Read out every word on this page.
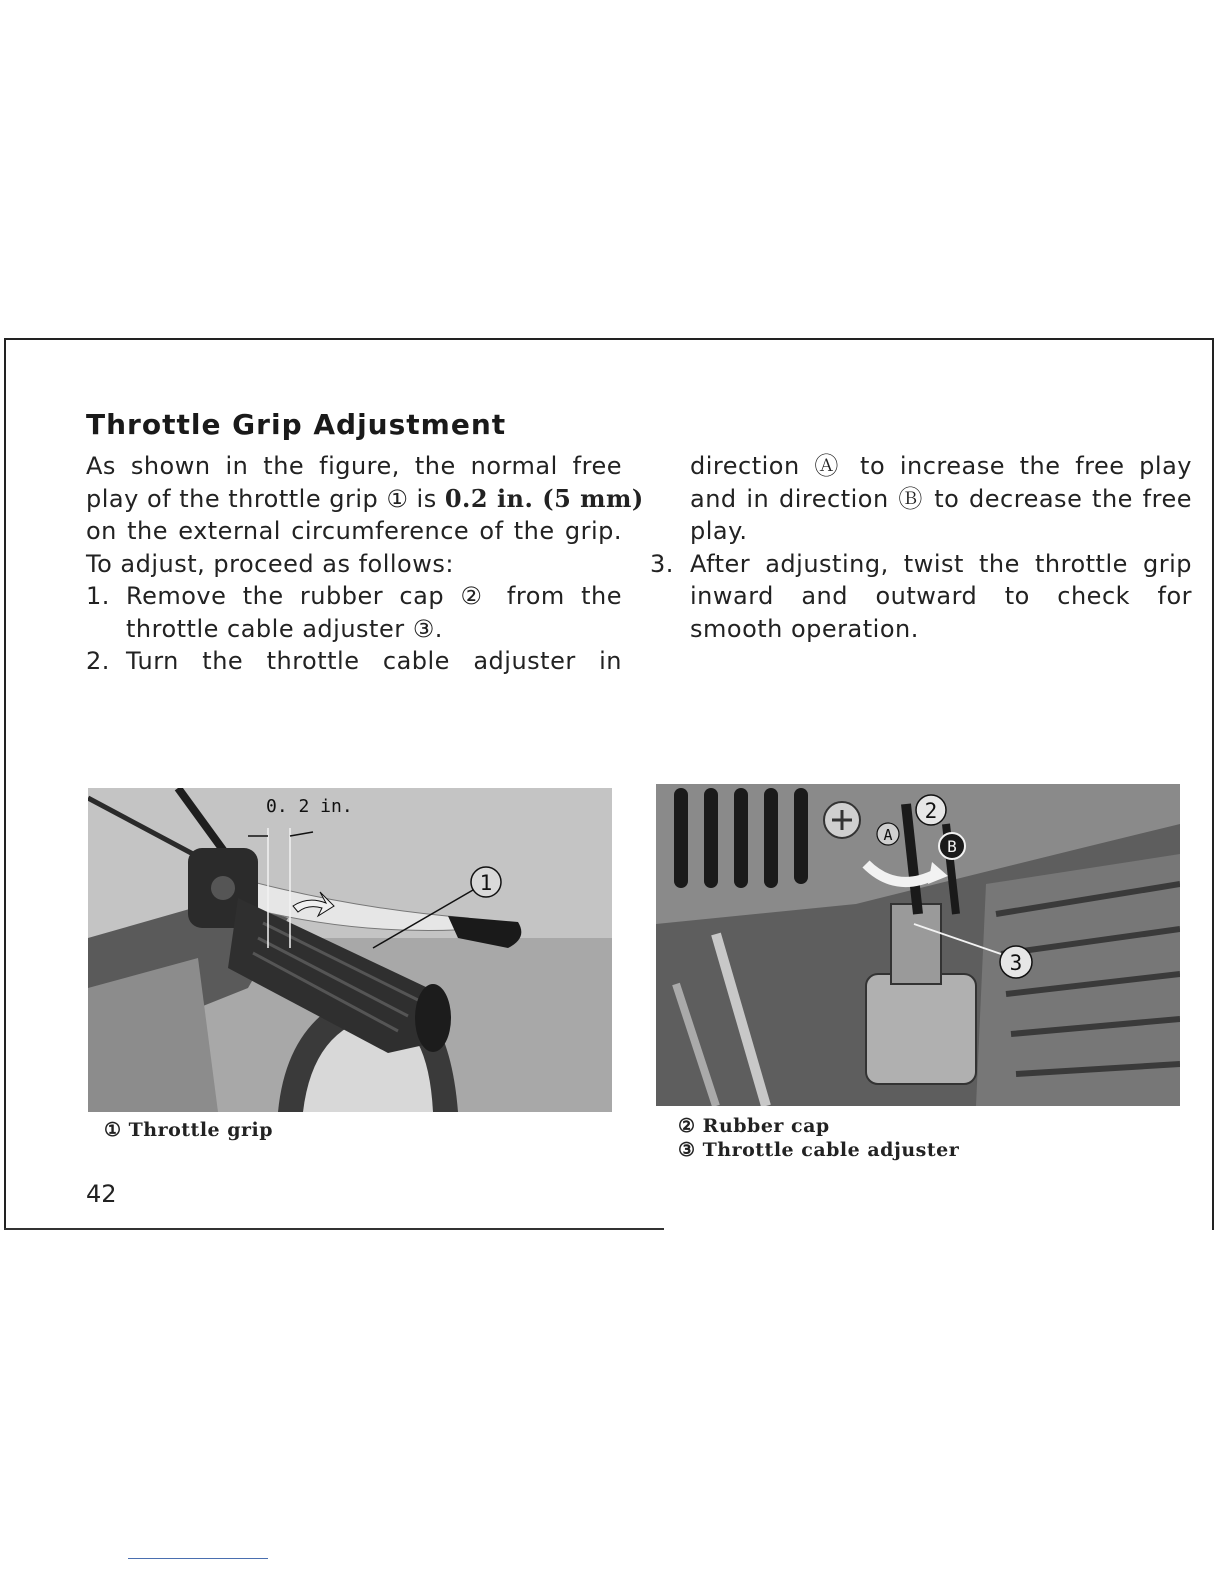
Throttle Grip Adjustment
As shown in the figure, the normal free
play of the throttle grip ① is 0.2 in. (5 mm)
on the external circumference of the grip.
To adjust, proceed as follows:
1. Remove the rubber cap ② from the
throttle cable adjuster ③.
2. Turn the throttle cable adjuster in
direction Ⓐ to increase the free play
and in direction Ⓑ to decrease the free
play.
3. After adjusting, twist the throttle grip
inward and outward to check for
smooth operation.
1
0. 2 in.
① Throttle grip
2
A
B
3
② Rubber cap
③ Throttle cable adjuster
42
